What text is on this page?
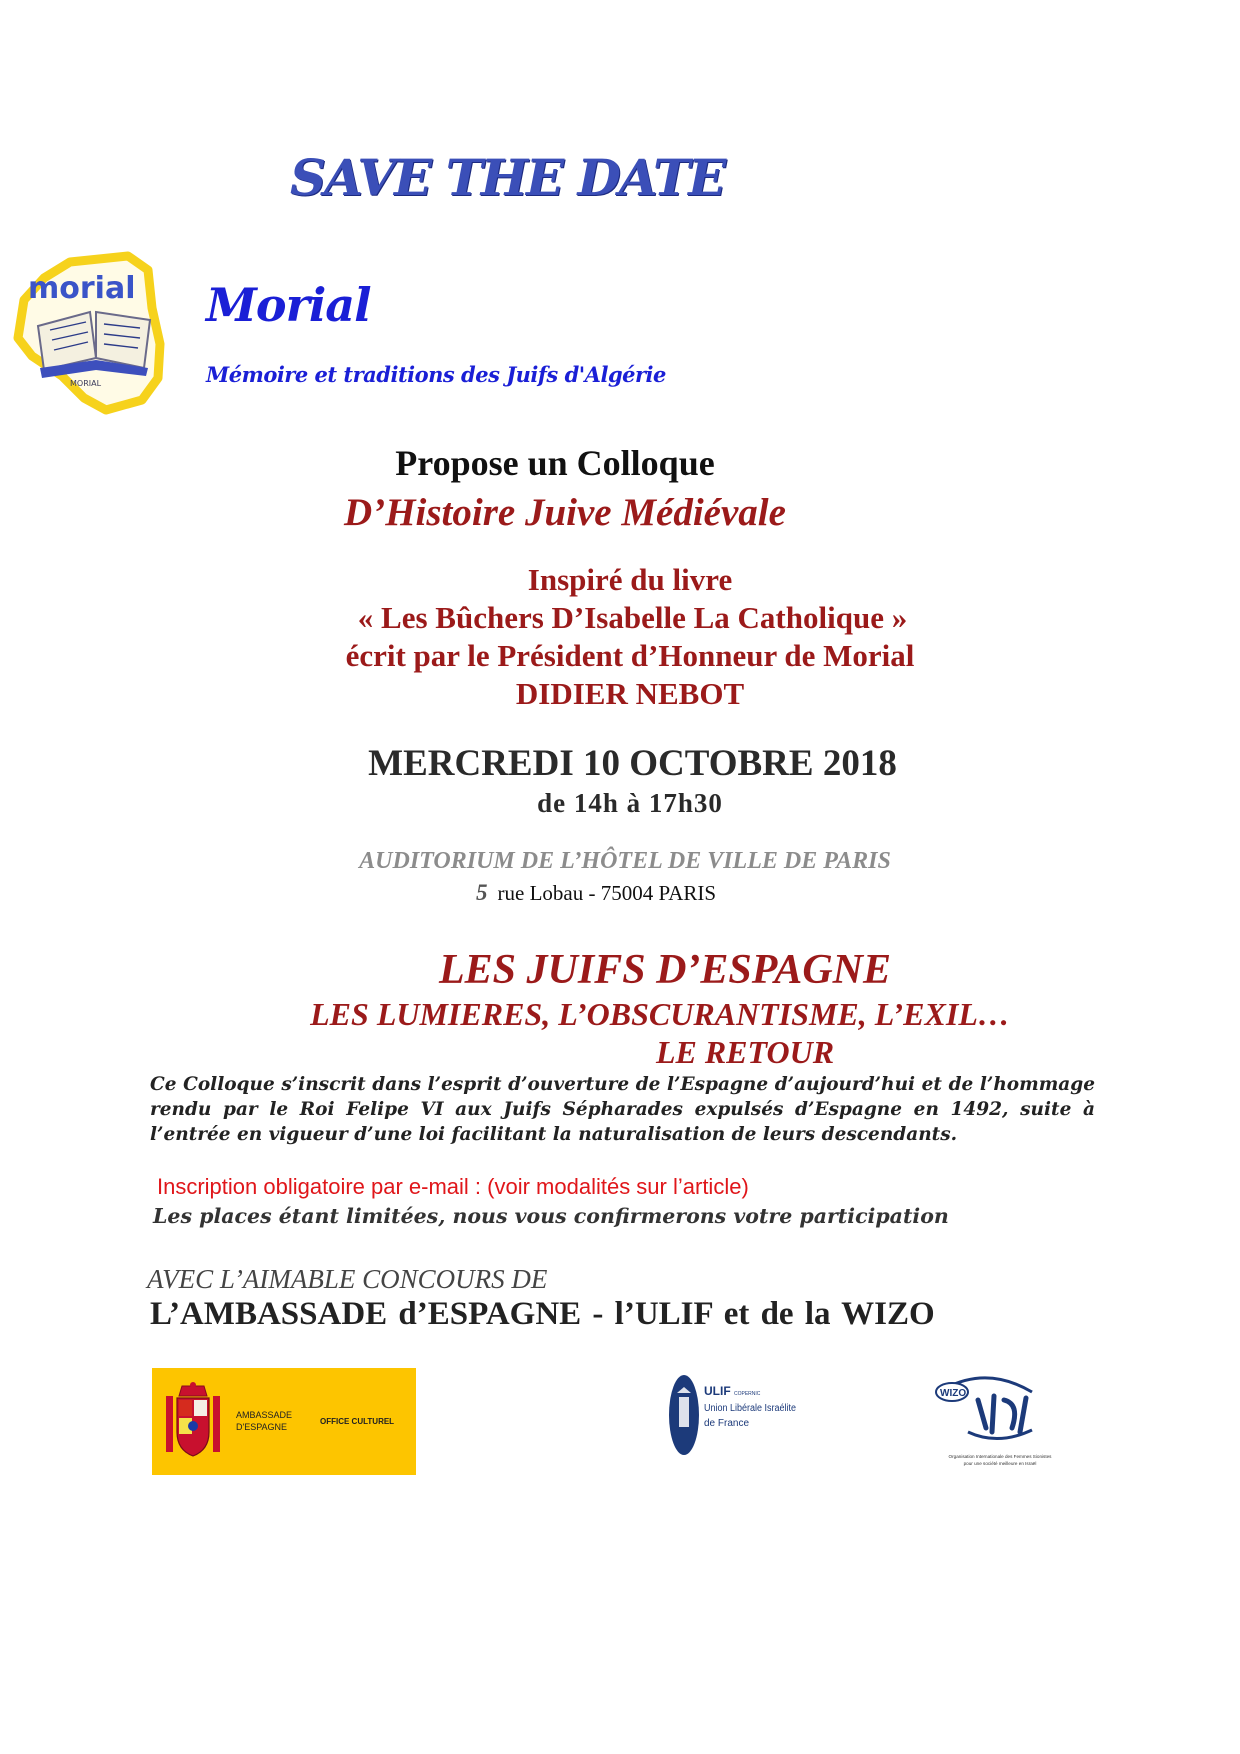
SAVE THE DATE
morial
MORIAL
Morial
Mémoire et traditions des Juifs d'Algérie
Propose un Colloque
D’Histoire Juive Médiévale
Inspiré du livre
« Les Bûchers D’Isabelle La Catholique »
écrit par le Président d’Honneur de Morial
DIDIER NEBOT
MERCREDI 10 OCTOBRE 2018
de 14h à 17h30
AUDITORIUM DE L’HÔTEL DE VILLE DE PARIS
5 rue Lobau - 75004 PARIS
LES JUIFS D’ESPAGNE
LES LUMIERES, L’OBSCURANTISME, L’EXIL…
LE RETOUR
Ce Colloque s’inscrit dans l’esprit d’ouverture de l’Espagne d’aujourd’hui et de l’hommage rendu par le Roi Felipe VI aux Juifs Sépharades expulsés d’Espagne en 1492, suite à l’entrée en vigueur d’une loi facilitant la naturalisation de leurs descendants.
Inscription obligatoire par e-mail : (voir modalités sur l’article)
Les places étant limitées, nous vous confirmerons votre participation
AVEC L’AIMABLE CONCOURS DE
L’AMBASSADE d’ESPAGNE - l’ULIF et de la WIZO
AMBASSADE
D'ESPAGNE
OFFICE CULTUREL
ULIF COPERNIC
Union Libérale Israélite
de France
WIZO
Organisation Internationale des Femmes Sionistes
pour une société meilleure en Israël
